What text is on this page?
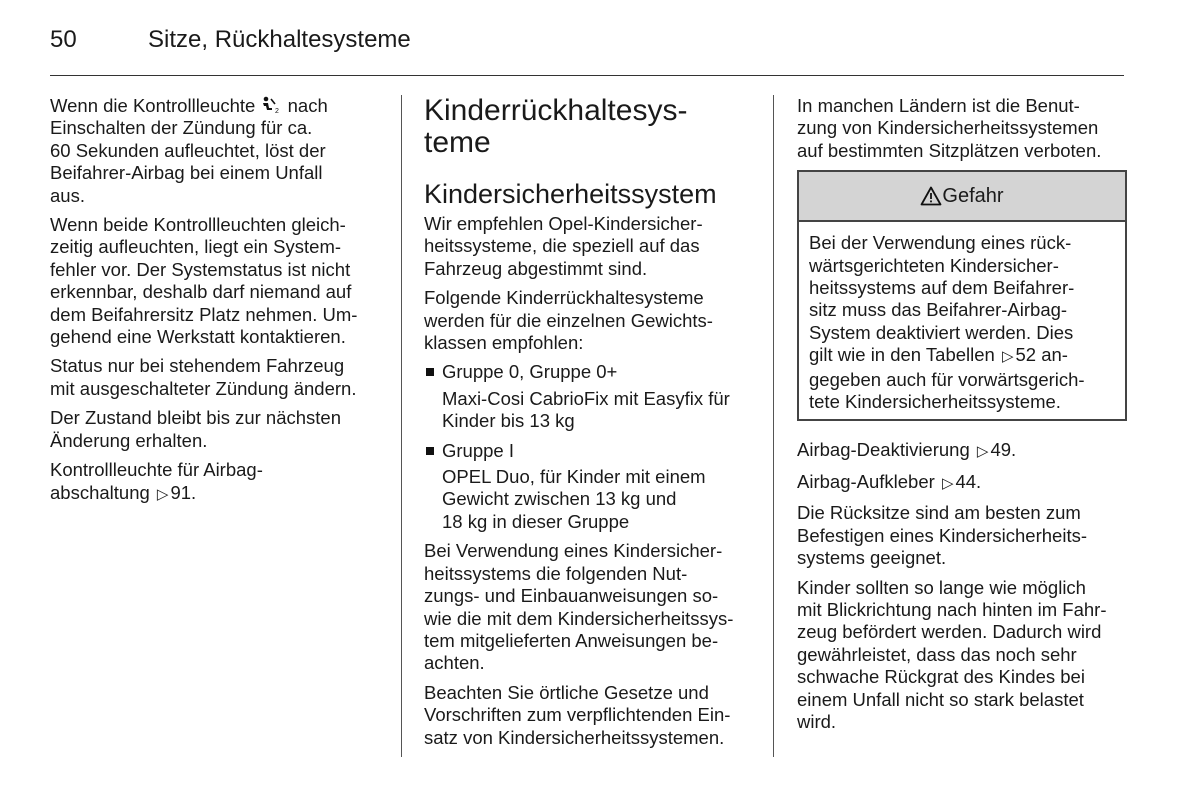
50	Sitze, Rückhaltesysteme

Wenn die Kontrollleuchte	2 nach
Einschalten der Zündung für ca.
60 Sekunden aufleuchtet, löst der
Beifahrer-Airbag bei einem Unfall
aus.

Wenn beide Kontrollleuchten gleich-
zeitig aufleuchten, liegt ein System-
fehler vor. Der Systemstatus ist nicht
erkennbar, deshalb darf niemand auf
dem Beifahrersitz Platz nehmen. Um-
gehend eine Werkstatt kontaktieren.

Status nur bei stehendem Fahrzeug
mit ausgeschalteter Zündung ändern.

Der Zustand bleibt bis zur nächsten
Änderung erhalten.

Kontrollleuchte für Airbag-
abschaltung ▷ 91.

Kinderrückhaltesys-
teme
Kindersicherheitssystem

Wir empfehlen Opel-Kindersicher-
heitssysteme, die speziell auf das
Fahrzeug abgestimmt sind.

Folgende Kinderrückhaltesysteme
werden für die einzelnen Gewichts-
klassen empfohlen:

Gruppe 0, Gruppe 0+

Maxi-Cosi CabrioFix mit Easyfix für
Kinder bis 13 kg

Gruppe I

OPEL Duo, für Kinder mit einem
Gewicht zwischen 13 kg und
18 kg in dieser Gruppe

Bei Verwendung eines Kindersicher-
heitssystems die folgenden Nut-
zungs- und Einbauanweisungen so-
wie die mit dem Kindersicherheitssys-
tem mitgelieferten Anweisungen be-
achten.

Beachten Sie örtliche Gesetze und
Vorschriften zum verpflichtenden Ein-
satz von Kindersicherheitssystemen.

In manchen Ländern ist die Benut-
zung von Kindersicherheitssystemen
auf bestimmten Sitzplätzen verboten.

Gefahr

Bei der Verwendung eines rück-
wärtsgerichteten Kindersicher-
heitssystems auf dem Beifahrer-
sitz muss das Beifahrer-Airbag-
System deaktiviert werden. Dies
gilt wie in den Tabellen ▷ 52 an-
gegeben auch für vorwärtsgerich-
tete Kindersicherheitssysteme.

Airbag-Deaktivierung ▷ 49.

Airbag-Aufkleber ▷ 44.

Die Rücksitze sind am besten zum
Befestigen eines Kindersicherheits-
systems geeignet.

Kinder sollten so lange wie möglich
mit Blickrichtung nach hinten im Fahr-
zeug befördert werden. Dadurch wird
gewährleistet, dass das noch sehr
schwache Rückgrat des Kindes bei
einem Unfall nicht so stark belastet
wird.
